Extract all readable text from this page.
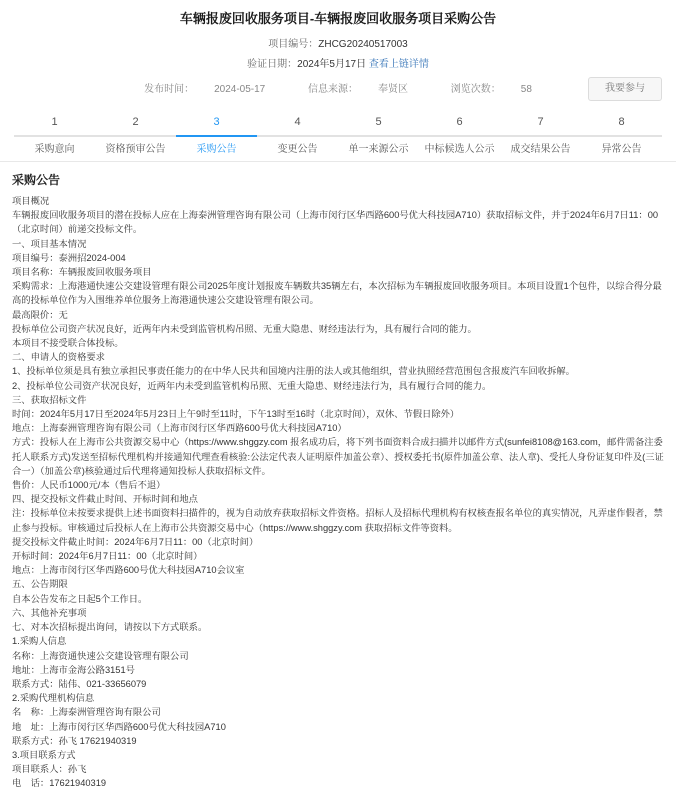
车辆报废回收服务项目-车辆报废回收服务项目采购公告
项目编号：ZHCG20240517003
验证日期：2024年5月17日 查看上链详情
发布时间： 2024-05-17	信息来源： 奉贤区	浏览次数： 58	我要参与
1
采购意向
2
资格预审公告
3
采购公告
4
变更公告
5
单一来源公示
6
中标候选人公示
7
成交结果公告
8
异常公告
采购公告

项目概况

车辆报废回收服务项目的潜在投标人应在上海泰洲管理咨询有限公司（上海市闵行区华西路600号优大科技园A710）获取招标文件，并于2024年6月7日11：00（北京时间）前递交投标文件。

一、项目基本情况

项目编号：泰洲招2024-004

项目名称：车辆报废回收服务项目

采购需求：上海港通快速公交建设管理有限公司2025年度计划报废车辆数共35辆左右，本次招标为车辆报废回收服务项目。本项目设置1个包件，以综合得分最高的投标单位作为入围维养单位服务上海港通快速公交建设管理有限公司。

最高限价：无

投标单位公司资产状况良好，近两年内未受到监管机构吊照、无重大隐患、财经违法行为，具有履行合同的能力。

本项目不接受联合体投标。

二、申请人的资格要求

1、投标单位须是具有独立承担民事责任能力的在中华人民共和国境内注册的法人或其他组织，营业执照经营范围包含报废汽车回收拆解。

2、投标单位公司资产状况良好，近两年内未受到监管机构吊照、无重大隐患、财经违法行为，具有履行合同的能力。

三、获取招标文件

时间：2024年5月17日至2024年5月23日上午9时至11时，下午13时至16时（北京时间），双休、节假日除外）

地点：上海泰洲管理咨询有限公司（上海市闵行区华西路600号优大科技园A710）

方式：投标人在上海市公共资源交易中心（https://www.shggzy.com 报名成功后，将下列书面资料合成扫描并以邮件方式(sunfei8108@163.com，邮件需备注委托人联系方式)发送至招标代理机构并接通知代理查看核验:公法定代表人证明原件加盖公章）、授权委托书(原件加盖公章、法人章)、受托人身份证复印件及(三证合一）（加盖公章)核验通过后代理将通知投标人获取招标文件。

售价：人民币1000元/本（售后不退）

四、提交投标文件截止时间、开标时间和地点

注：投标单位未按要求提供上述书面资料扫描件的，视为自动放弃获取招标文件资格。招标人及招标代理机构有权核查报名单位的真实情况，凡弄虚作假者，禁止参与投标。审核通过后投标人在上海市公共资源交易中心（https://www.shggzy.com 获取招标文件等资料。

提交投标文件截止时间：2024年6月7日11：00（北京时间）

开标时间：2024年6月7日11：00（北京时间）

地点：上海市闵行区华西路600号优大科技园A710会议室

五、公告期限

自本公告发布之日起5个工作日。

六、其他补充事项

七、对本次招标提出询问，请按以下方式联系。

1.采购人信息

名称：上海资通快速公交建设管理有限公司

地址：上海市金海公路3151号

联系方式：陆伟、021-33656079

2.采购代理机构信息

名　称：上海泰洲管理咨询有限公司

地　址：上海市闵行区华西路600号优大科技园A710

联系方式：孙飞 17621940319

3.项目联系方式

项目联系人：孙飞

电　话：17621940319
